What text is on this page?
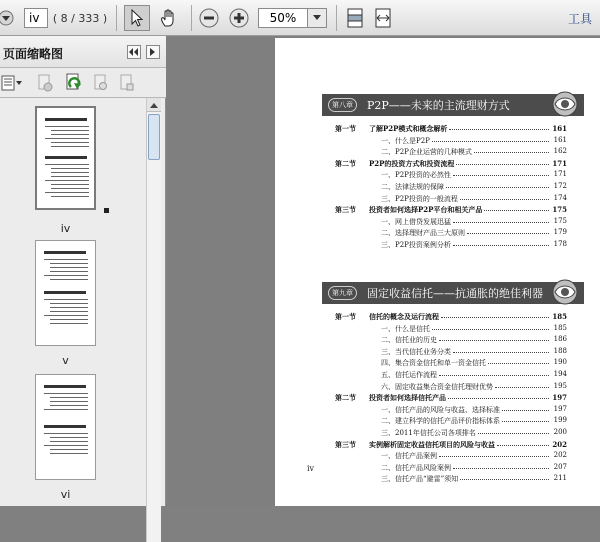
iv ( 8 / 333 )	50%	工具
页面缩略图
iv
v
vi
第八章	P2P——未来的主流理财方式
第一节 了解P2P模式和概念解析	161
一、什么是P2P	161
二、P2P企业运营的几种模式	162
第二节 P2P的投资方式和投资流程	171
一、P2P投资的必然性	171
二、法律法规的保障	172
三、P2P投资的一般流程	174
第三节 投资者如何选择P2P平台和相关产品	175
一、网上借贷发展迅猛	175
二、选择理财产品三大原则	179
三、P2P投资案例分析	178
第九章	固定收益信托——抗通胀的绝佳利器
第一节 信托的概念及运行流程	185
一、什么是信托	185
二、信托业的历史	186
三、当代信托业务分类	188
四、集合资金信托和单一资金信托	190
五、信托运作流程	194
六、固定收益集合资金信托理财优势	195
第二节 投资者如何选择信托产品	197
一、信托产品的风险与收益、选择标准	197
二、建立科学的信托产品评价指标体系	199
三、2011年信托公司各项排名	200
第三节 实例解析固定收益信托项目的风险与收益	202
一、信托产品案例	202
二、信托产品风险案例	207
三、信托产品“避雷”须知	211
iv
